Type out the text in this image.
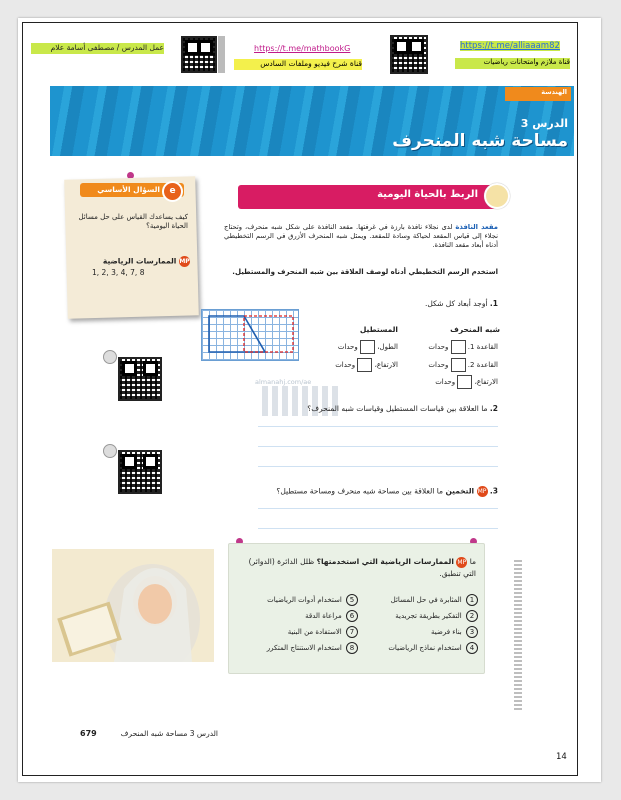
عمل المدرس / مصطفى أسامة علام	https://t.me/mathbookG
قناة شرح فيديو وملفات السادس
https://t.me/alliaaam82
قناة ملازم وامتحانات رياضيات
الهندسة
الدرس 3
مساحة شبه المنحرف
e
السؤال الأساسي
كيف يساعدك القياس على حل مسائل الحياة اليومية؟
MP الممارسات الرياضية
1, 2, 3, 4, 7, 8
الربط بالحياة اليومية
مقعد النافذة لدى نجلاء نافذة بارزة في غرفتها. مقعد النافذة على شكل شبه منحرف، وتحتاج نجلاء إلى قياس المقعد لحياكة وسادة للمقعد. ويمثل شبه المنحرف الأزرق في الرسم التخطيطي أدناه أبعاد مقعد النافذة.
استخدم الرسم التخطيطي أدناه لوصف العلاقة بين شبه المنحرف والمستطيل.
1. أوجد أبعاد كل شكل.
شبه المنحرف
المستطيل
القاعدة 1.  وحدات
القاعدة 2.  وحدات
الارتفاع،  وحدات
الطول،  وحدات
الارتفاع،  وحدات
almanahj.com/ae
2. ما العلاقة بين قياسات المستطيل وقياسات شبه المنحرف؟
3. MP التخمين ما العلاقة بين مساحة شبه منحرف ومساحة مستطيل؟
ما MP الممارسات الرياضية التي استخدمتها؟ ظلل الدائرة (الدوائر) التي تنطبق.
1 المثابرة في حل المسائل
5 استخدام أدوات الرياضيات
2 التفكير بطريقة تجريدية
6 مراعاة الدقة
3 بناء فرضية
7 الاستفادة من البنية
4 استخدام نماذج الرياضيات
8 استخدام الاستنتاج المتكرر
679	الدرس 3 مساحة شبه المنحرف
14
